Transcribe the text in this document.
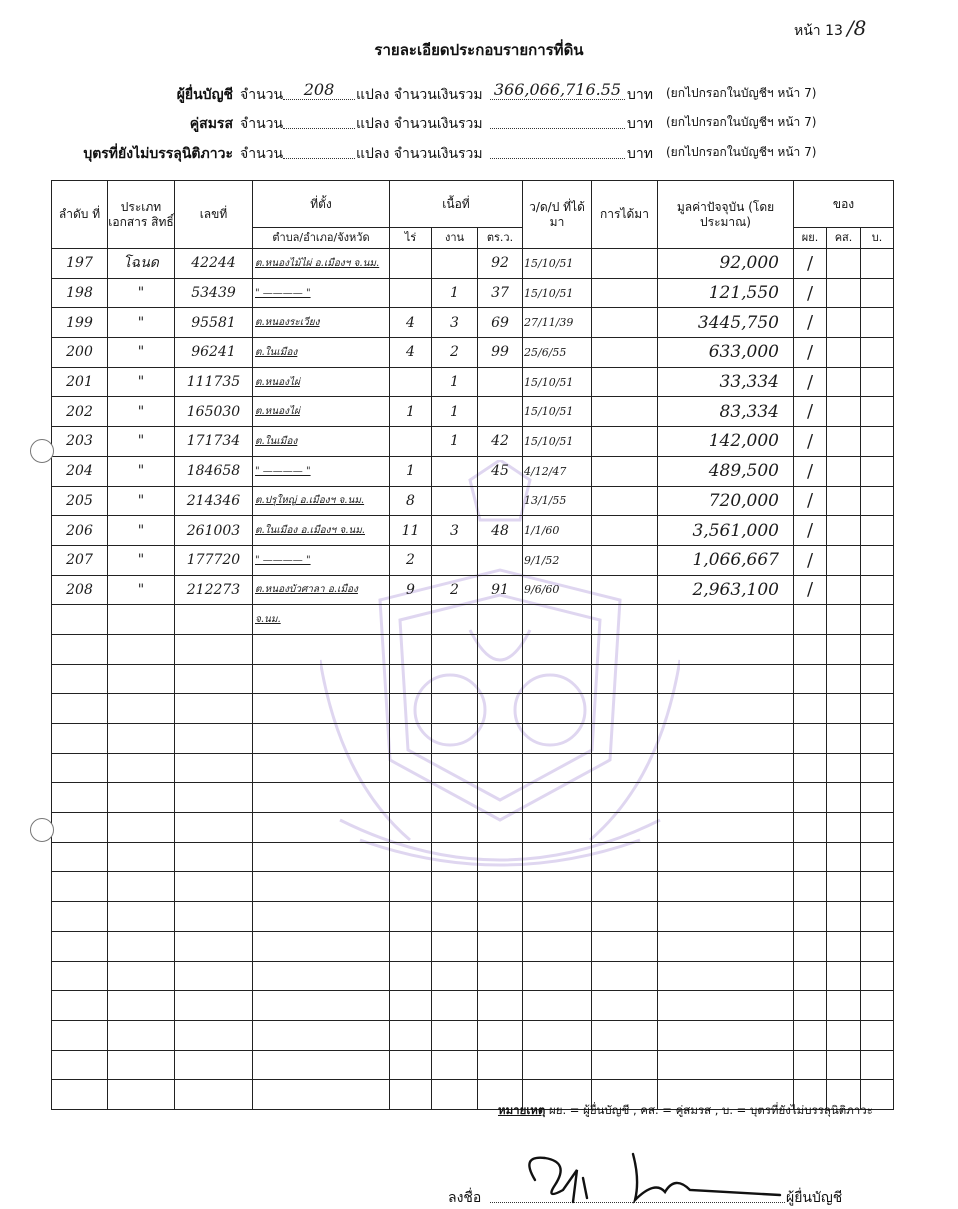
หน้า 13 /8
รายละเอียดประกอบรายการที่ดิน
ผู้ยื่นบัญชี จำนวน	208	แปลง จำนวนเงินรวม 366,066,716.55 บาท (ยกไปกรอกในบัญชีฯ หน้า 7)
คู่สมรส จำนวน	แปลง จำนวนเงินรวม	บาท (ยกไปกรอกในบัญชีฯ หน้า 7)
บุตรที่ยังไม่บรรลุนิติภาวะ จำนวน	แปลง จำนวนเงินรวม	บาท (ยกไปกรอกในบัญชีฯ หน้า 7)
ลำดับ ที่	ประเภท เอกสาร สิทธิ์	เลขที่	ที่ตั้ง	เนื้อที่			ว/ด/ป ที่ได้มา	การได้มา	มูลค่าปัจจุบัน (โดยประมาณ)	ของ		
			ตำบล/อำเภอ/จังหวัด	ไร่	งาน	ตร.ว.				ผย.	คส.	บ.
197	โฉนด	42244	ต.หนองไม้ไผ่ อ.เมืองฯ จ.นม.			92	15/10/51		92,000	/		
198	"	53439	" ———— "		1	37	15/10/51		121,550	/		
199	"	95581	ต.หนองระเวียง	4	3	69	27/11/39		3445,750	/		
200	"	96241	ต.ในเมือง	4	2	99	25/6/55		633,000	/		
201	"	111735	ต.หนองไผ่		1		15/10/51		33,334	/		
202	"	165030	ต.หนองไผ่	1	1		15/10/51		83,334	/		
203	"	171734	ต.ในเมือง		1	42	15/10/51		142,000	/		
204	"	184658	" ———— "	1		45	4/12/47		489,500	/		
205	"	214346	ต.ปรุใหญ่ อ.เมืองฯ จ.นม.	8			13/1/55		720,000	/		
206	"	261003	ต.ในเมือง อ.เมืองฯ จ.นม.	11	3	48	1/1/60		3,561,000	/		
207	"	177720	" ———— "	2			9/1/52		1,066,667	/		
208	"	212273	ต.หนองบัวศาลา อ.เมือง	9	2	91	9/6/60		2,963,100	/		
			จ.นม.									

หมายเหตุ ผย. = ผู้ยื่นบัญชี , คส. = คู่สมรส , บ. = บุตรที่ยังไม่บรรลุนิติภาวะ
ลงชื่อ	ผู้ยื่นบัญชี
